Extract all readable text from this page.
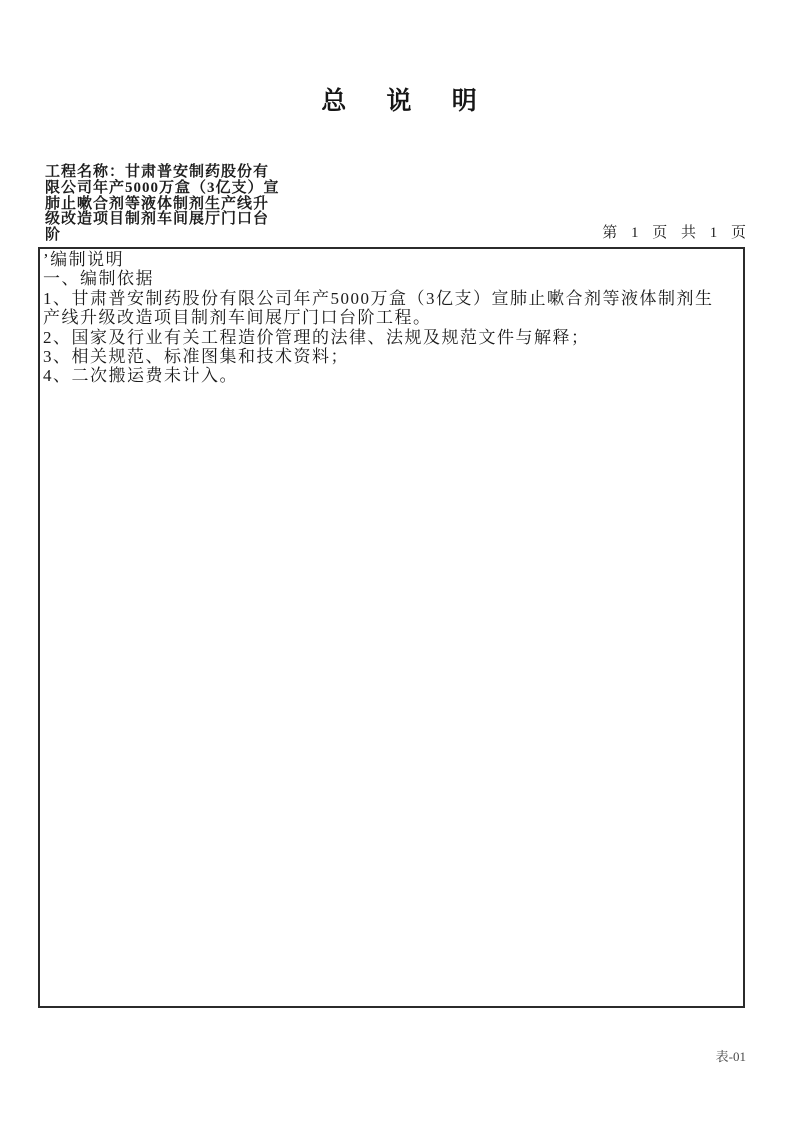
总 说 明
工程名称：甘肃普安制药股份有
限公司年产5000万盒（3亿支）宣
肺止嗽合剂等液体制剂生产线升
级改造项目制剂车间展厅门口台
阶	第 1 页 共 1 页
’编制说明
一、编制依据
1、甘肃普安制药股份有限公司年产5000万盒（3亿支）宣肺止嗽合剂等液体制剂生
产线升级改造项目制剂车间展厅门口台阶工程。
2、国家及行业有关工程造价管理的法律、法规及规范文件与解释；
3、相关规范、标准图集和技术资料；
4、二次搬运费未计入。
表-01
